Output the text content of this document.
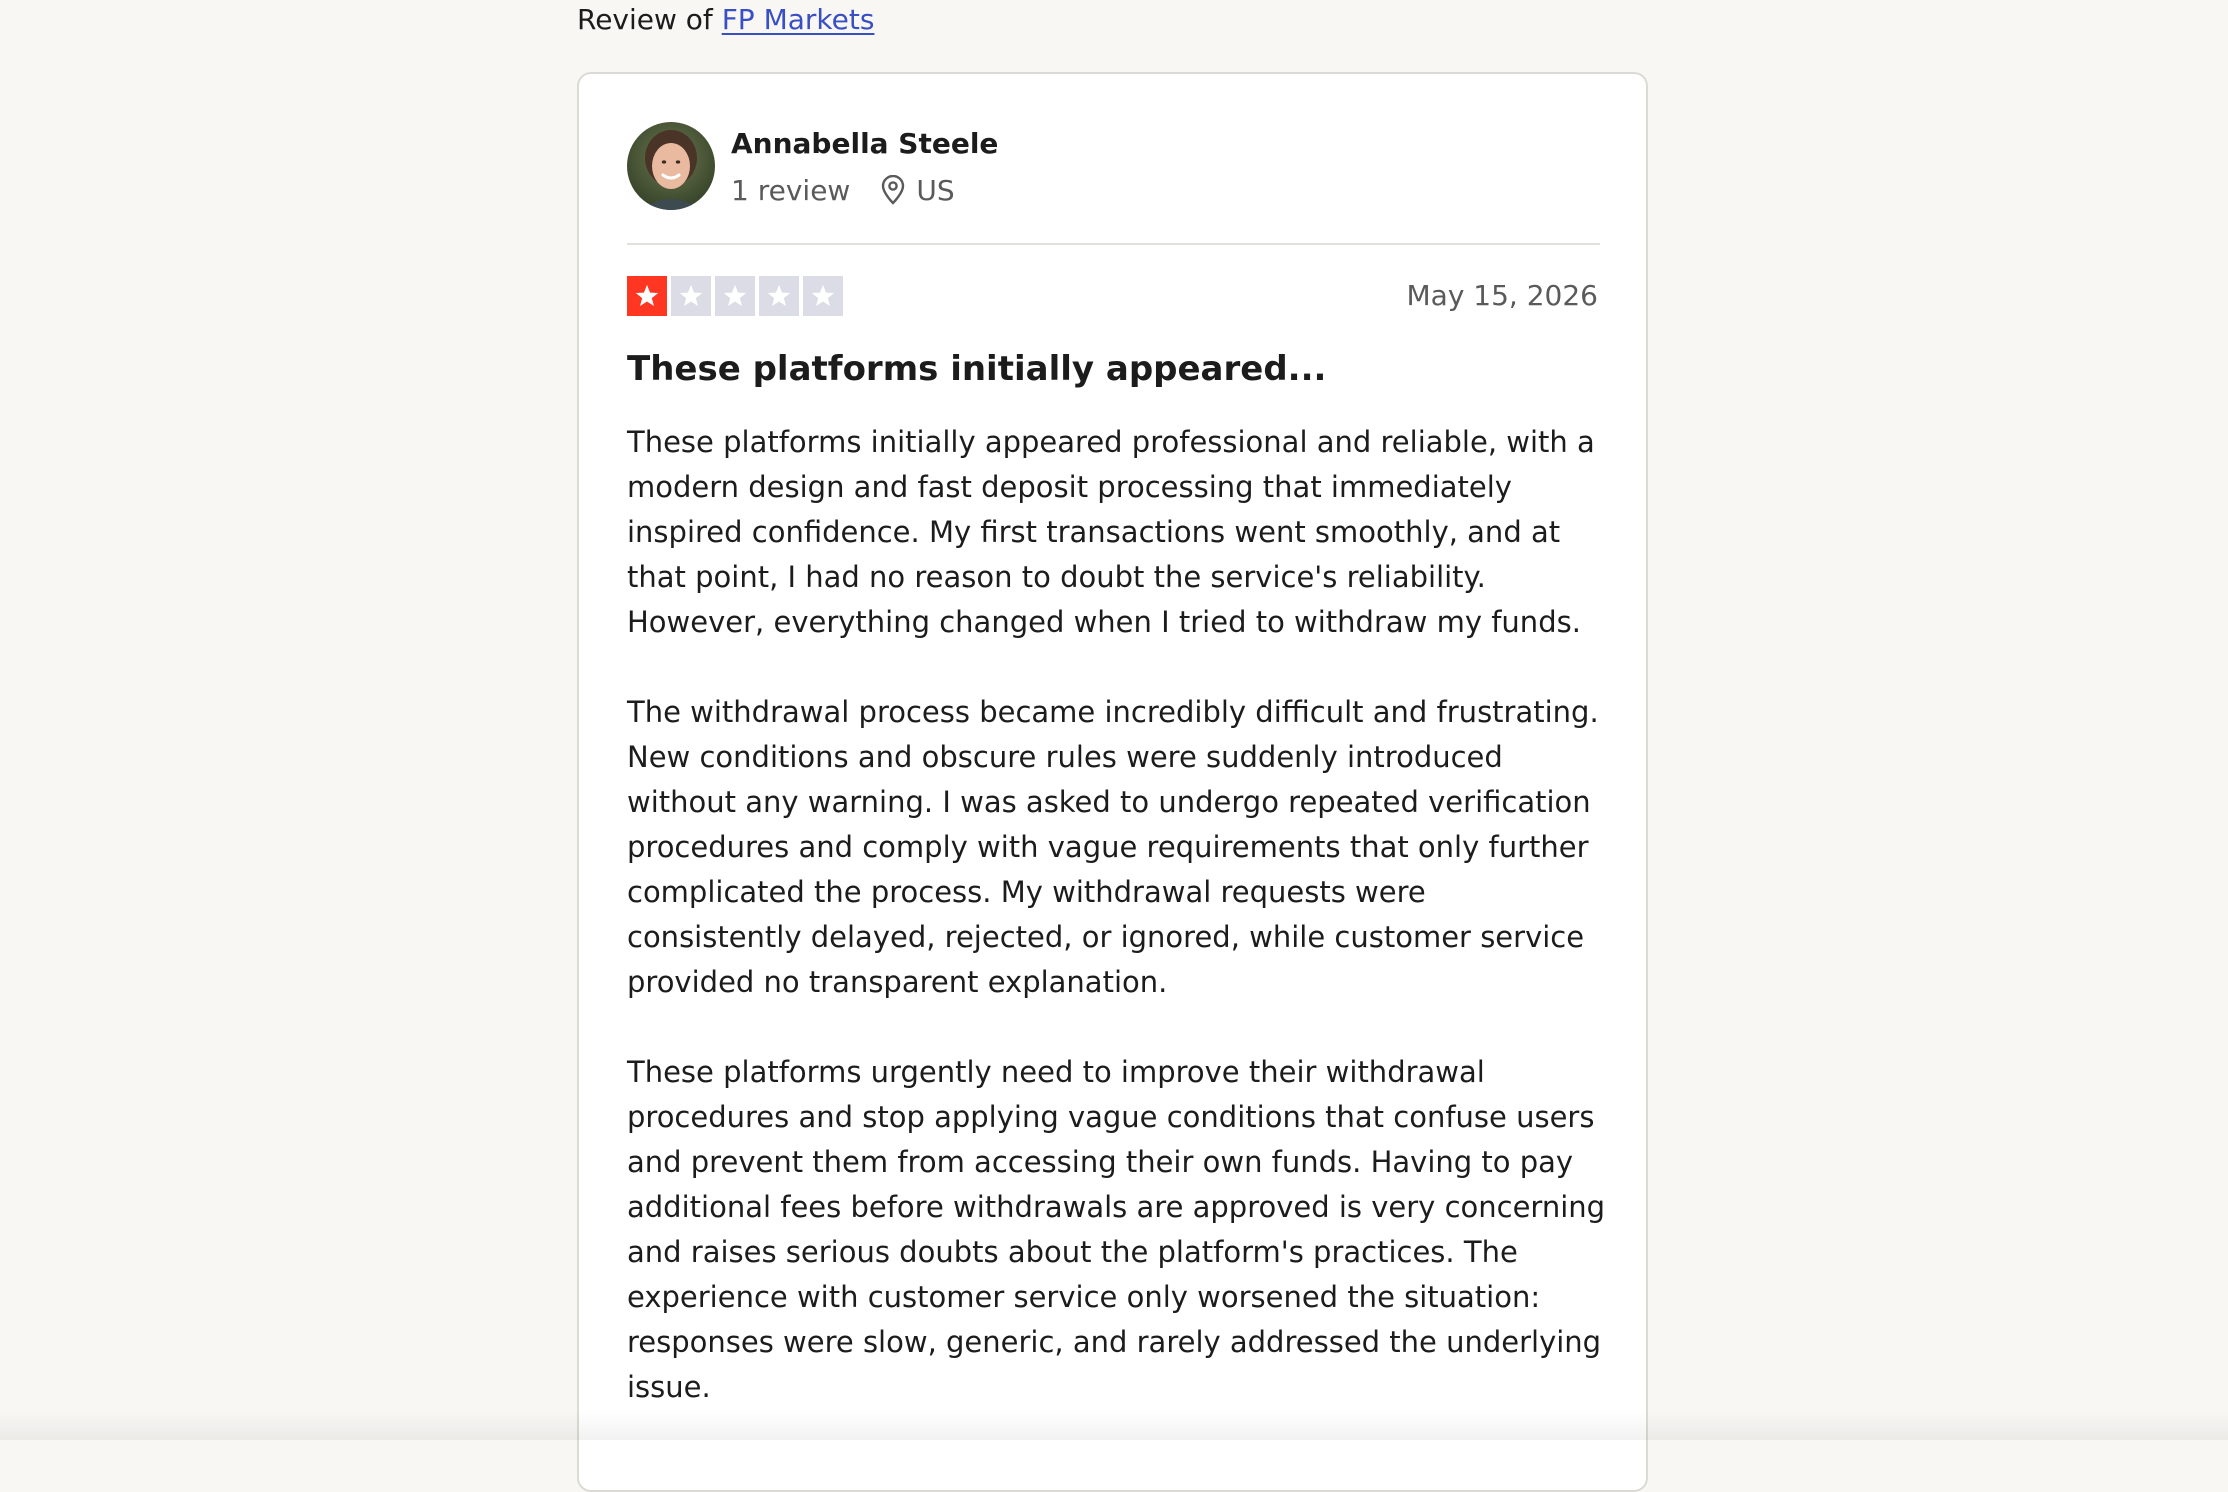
Review of FP Markets
Annabella Steele
1 review US
May 15, 2026
These platforms initially appeared...

These platforms initially appeared professional and reliable, with a modern design and fast deposit processing that immediately inspired confidence. My first transactions went smoothly, and at that point, I had no reason to doubt the service's reliability. However, everything changed when I tried to withdraw my funds.

The withdrawal process became incredibly difficult and frustrating. New conditions and obscure rules were suddenly introduced without any warning. I was asked to undergo repeated verification procedures and comply with vague requirements that only further complicated the process. My withdrawal requests were consistently delayed, rejected, or ignored, while customer service provided no transparent explanation.

These platforms urgently need to improve their withdrawal procedures and stop applying vague conditions that confuse users and prevent them from accessing their own funds. Having to pay additional fees before withdrawals are approved is very concerning and raises serious doubts about the platform's practices. The experience with customer service only worsened the situation: responses were slow, generic, and rarely addressed the underlying issue.
